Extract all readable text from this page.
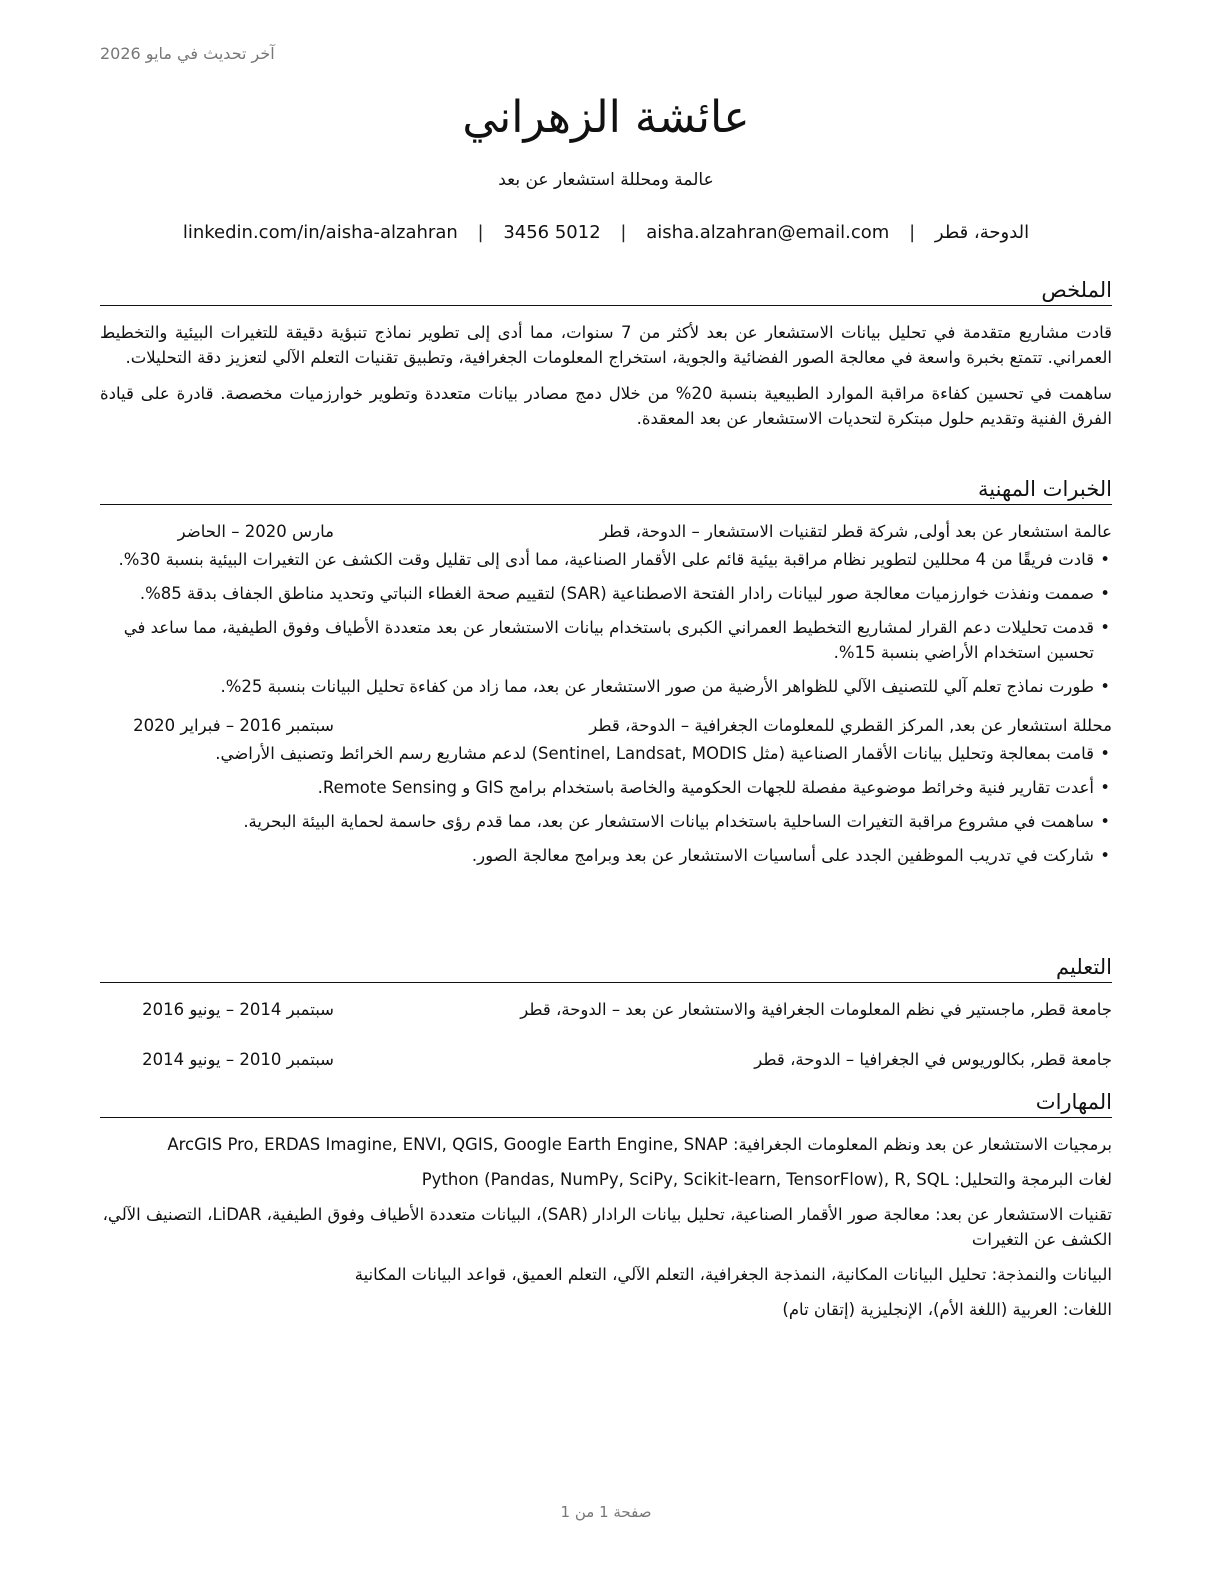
آخر تحديث في مايو 2026
عائشة الزهراني
عالمة ومحللة استشعار عن بعد
الدوحة، قطر | aisha.alzahran@email.com | 3456 5012 | linkedin.com/in/aisha-alzahran
الملخص

قادت مشاريع متقدمة في تحليل بيانات الاستشعار عن بعد لأكثر من 7 سنوات، مما أدى إلى تطوير نماذج تنبؤية دقيقة للتغيرات البيئية والتخطيط العمراني. تتمتع بخبرة واسعة في معالجة الصور الفضائية والجوية، استخراج المعلومات الجغرافية، وتطبيق تقنيات التعلم الآلي لتعزيز دقة التحليلات.

ساهمت في تحسين كفاءة مراقبة الموارد الطبيعية بنسبة 20% من خلال دمج مصادر بيانات متعددة وتطوير خوارزميات مخصصة. قادرة على قيادة الفرق الفنية وتقديم حلول مبتكرة لتحديات الاستشعار عن بعد المعقدة.

الخبرات المهنية
عالمة استشعار عن بعد أولى, شركة قطر لتقنيات الاستشعار – الدوحة، قطر
مارس 2020 – الحاضر
• قادت فريقًا من 4 محللين لتطوير نظام مراقبة بيئية قائم على الأقمار الصناعية، مما أدى إلى تقليل وقت الكشف عن التغيرات البيئية بنسبة 30%.
• صممت ونفذت خوارزميات معالجة صور لبيانات رادار الفتحة الاصطناعية (SAR) لتقييم صحة الغطاء النباتي وتحديد مناطق الجفاف بدقة 85%.
• قدمت تحليلات دعم القرار لمشاريع التخطيط العمراني الكبرى باستخدام بيانات الاستشعار عن بعد متعددة الأطياف وفوق الطيفية، مما ساعد في تحسين استخدام الأراضي بنسبة 15%.
• طورت نماذج تعلم آلي للتصنيف الآلي للظواهر الأرضية من صور الاستشعار عن بعد، مما زاد من كفاءة تحليل البيانات بنسبة 25%.
محللة استشعار عن بعد, المركز القطري للمعلومات الجغرافية – الدوحة، قطر
سبتمبر 2016 – فبراير 2020
• قامت بمعالجة وتحليل بيانات الأقمار الصناعية (مثل Sentinel, Landsat, MODIS) لدعم مشاريع رسم الخرائط وتصنيف الأراضي.
• أعدت تقارير فنية وخرائط موضوعية مفصلة للجهات الحكومية والخاصة باستخدام برامج GIS و Remote Sensing.
• ساهمت في مشروع مراقبة التغيرات الساحلية باستخدام بيانات الاستشعار عن بعد، مما قدم رؤى حاسمة لحماية البيئة البحرية.
• شاركت في تدريب الموظفين الجدد على أساسيات الاستشعار عن بعد وبرامج معالجة الصور.
التعليم
جامعة قطر, ماجستير في نظم المعلومات الجغرافية والاستشعار عن بعد – الدوحة، قطر
سبتمبر 2014 – يونيو 2016
جامعة قطر, بكالوريوس في الجغرافيا – الدوحة، قطر
سبتمبر 2010 – يونيو 2014
المهارات
برمجيات الاستشعار عن بعد ونظم المعلومات الجغرافية: ArcGIS Pro, ERDAS Imagine, ENVI, QGIS, Google Earth Engine, SNAP
لغات البرمجة والتحليل: Python (Pandas, NumPy, SciPy, Scikit-learn, TensorFlow), R, SQL
تقنيات الاستشعار عن بعد: معالجة صور الأقمار الصناعية، تحليل بيانات الرادار (SAR)، البيانات متعددة الأطياف وفوق الطيفية، LiDAR، التصنيف الآلي، الكشف عن التغيرات
البيانات والنمذجة: تحليل البيانات المكانية، النمذجة الجغرافية، التعلم الآلي، التعلم العميق، قواعد البيانات المكانية
اللغات: العربية (اللغة الأم)، الإنجليزية (إتقان تام)
صفحة 1 من 1
